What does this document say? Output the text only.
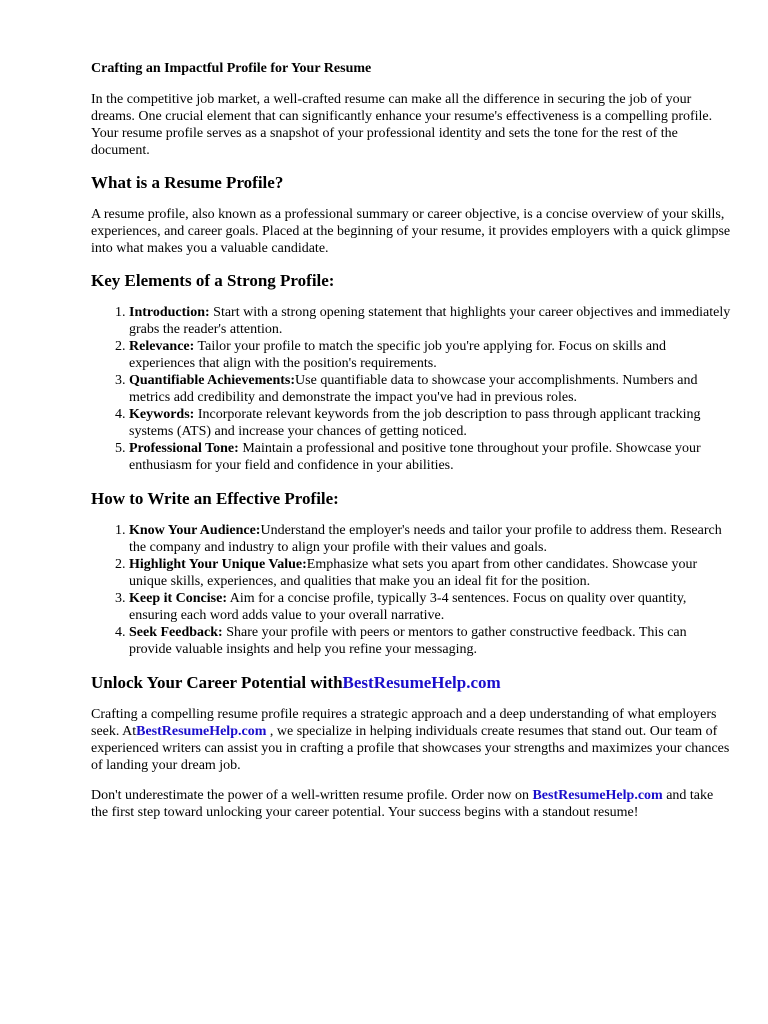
Crafting an Impactful Profile for Your Resume

In the competitive job market, a well-crafted resume can make all the difference in securing the job of your dreams. One crucial element that can significantly enhance your resume's effectiveness is a compelling profile. Your resume profile serves as a snapshot of your professional identity and sets the tone for the rest of the document.

What is a Resume Profile?

A resume profile, also known as a professional summary or career objective, is a concise overview of your skills, experiences, and career goals. Placed at the beginning of your resume, it provides employers with a quick glimpse into what makes you a valuable candidate.

Key Elements of a Strong Profile:
1. Introduction: Start with a strong opening statement that highlights your career objectives and immediately grabs the reader's attention.
2. Relevance: Tailor your profile to match the specific job you're applying for. Focus on skills and experiences that align with the position's requirements.
3. Quantifiable Achievements:Use quantifiable data to showcase your accomplishments. Numbers and metrics add credibility and demonstrate the impact you've had in previous roles.
4. Keywords: Incorporate relevant keywords from the job description to pass through applicant tracking systems (ATS) and increase your chances of getting noticed.
5. Professional Tone: Maintain a professional and positive tone throughout your profile. Showcase your enthusiasm for your field and confidence in your abilities.
How to Write an Effective Profile:
1. Know Your Audience:Understand the employer's needs and tailor your profile to address them. Research the company and industry to align your profile with their values and goals.
2. Highlight Your Unique Value:Emphasize what sets you apart from other candidates. Showcase your unique skills, experiences, and qualities that make you an ideal fit for the position.
3. Keep it Concise: Aim for a concise profile, typically 3-4 sentences. Focus on quality over quantity, ensuring each word adds value to your overall narrative.
4. Seek Feedback: Share your profile with peers or mentors to gather constructive feedback. This can provide valuable insights and help you refine your messaging.
Unlock Your Career Potential withBestResumeHelp.com

Crafting a compelling resume profile requires a strategic approach and a deep understanding of what employers seek. AtBestResumeHelp.com , we specialize in helping individuals create resumes that stand out. Our team of experienced writers can assist you in crafting a profile that showcases your strengths and maximizes your chances of landing your dream job.

Don't underestimate the power of a well-written resume profile. Order now on BestResumeHelp.com and take the first step toward unlocking your career potential. Your success begins with a standout resume!
